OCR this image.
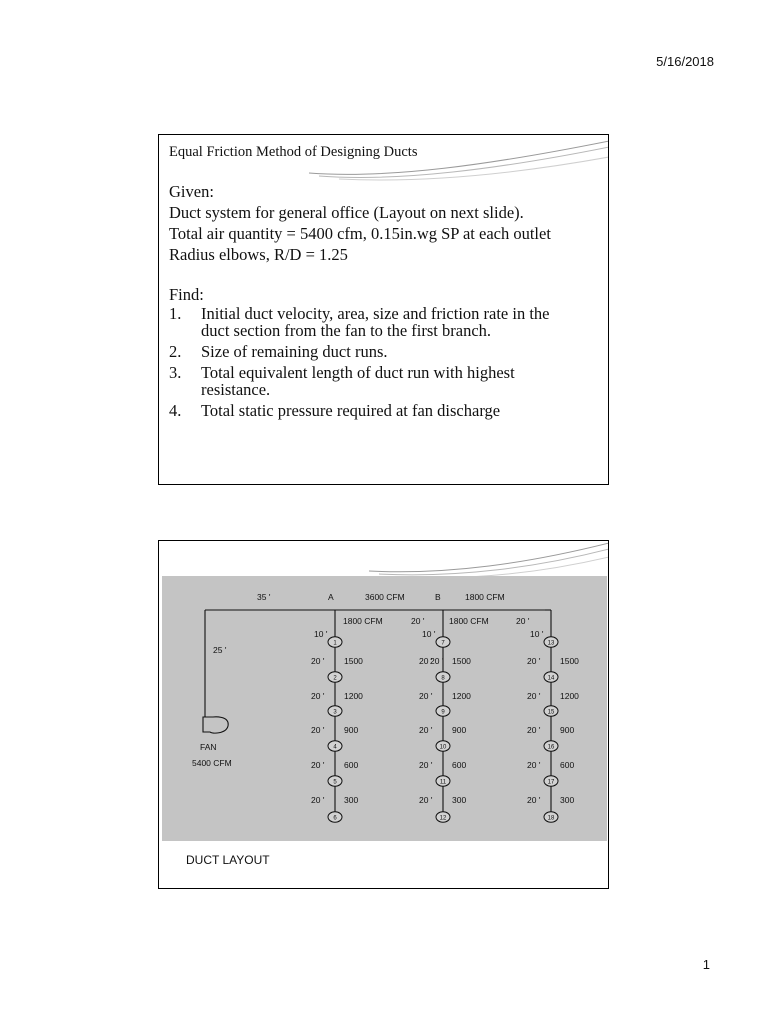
5/16/2018
Equal Friction Method of Designing Ducts

Given:

Duct system for general office (Layout on next slide).

Total air quantity = 5400 cfm, 0.15in.wg SP at each outlet

Radius elbows, R/D = 1.25

Find:

1. Initial duct velocity, area, size and friction rate in the
duct section from the fan to the first branch.
2. Size of remaining duct runs.
3. Total equivalent length of duct run with highest
resistance.
4. Total static pressure required at fan discharge
35 '	A	3600 CFM	B	1800 CFM
20 '	20 '
25 '
FAN
5400 CFM
1800 CFM	1800 CFM
20 '
10 '
1
2
3
4
5
6
20 ' 1500
20 ' 1200
20 ' 900
20 ' 600
20 ' 300
10 '
7
8
9
10
11
12
20 ' 1500
20 ' 1200
20 ' 900
20 ' 600
20 ' 300
10 '
13
14
15
16
17
18
20 ' 1500
20 ' 1200
20 ' 900
20 ' 600
20 ' 300
DUCT LAYOUT
1
